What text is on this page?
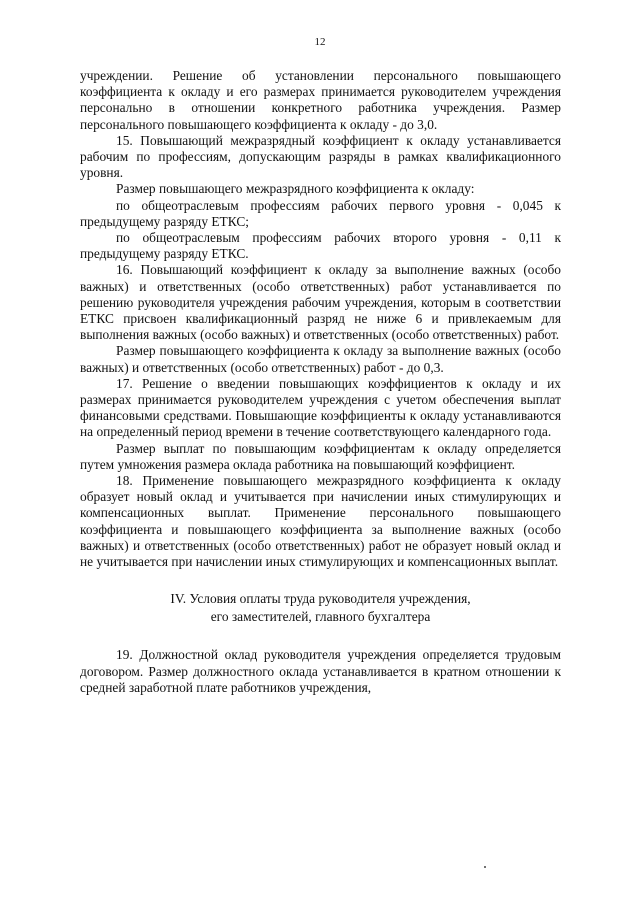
12

учреждении. Решение об установлении персонального повышающего коэффициента к окладу и его размерах принимается руководителем учреждения персонально в отношении конкретного работника учреждения. Размер персонального повышающего коэффициента к окладу - до 3,0.

15. Повышающий межразрядный коэффициент к окладу устанавливается рабочим по профессиям, допускающим разряды в рамках квалификационного уровня.

Размер повышающего межразрядного коэффициента к окладу:

по общеотраслевым профессиям рабочих первого уровня - 0,045 к предыдущему разряду ЕТКС;

по общеотраслевым профессиям рабочих второго уровня - 0,11 к предыдущему разряду ЕТКС.

16. Повышающий коэффициент к окладу за выполнение важных (особо важных) и ответственных (особо ответственных) работ устанавливается по решению руководителя учреждения рабочим учреждения, которым в соответствии ЕТКС присвоен квалификационный разряд не ниже 6 и привлекаемым для выполнения важных (особо важных) и ответственных (особо ответственных) работ.

Размер повышающего коэффициента к окладу за выполнение важных (особо важных) и ответственных (особо ответственных) работ - до 0,3.

17. Решение о введении повышающих коэффициентов к окладу и их размерах принимается руководителем учреждения с учетом обеспечения выплат финансовыми средствами. Повышающие коэффициенты к окладу устанавливаются на определенный период времени в течение соответствующего календарного года.

Размер выплат по повышающим коэффициентам к окладу определяется путем умножения размера оклада работника на повышающий коэффициент.

18. Применение повышающего межразрядного коэффициента к окладу образует новый оклад и учитывается при начислении иных стимулирующих и компенсационных выплат. Применение персонального повышающего коэффициента и повышающего коэффициента за выполнение важных (особо важных) и ответственных (особо ответственных) работ не образует новый оклад и не учитывается при начислении иных стимулирующих и компенсационных выплат.

IV. Условия оплаты труда руководителя учреждения,
его заместителей, главного бухгалтера

19. Должностной оклад руководителя учреждения определяется трудовым договором. Размер должностного оклада устанавливается в кратном отношении к средней заработной плате работников учреждения,
